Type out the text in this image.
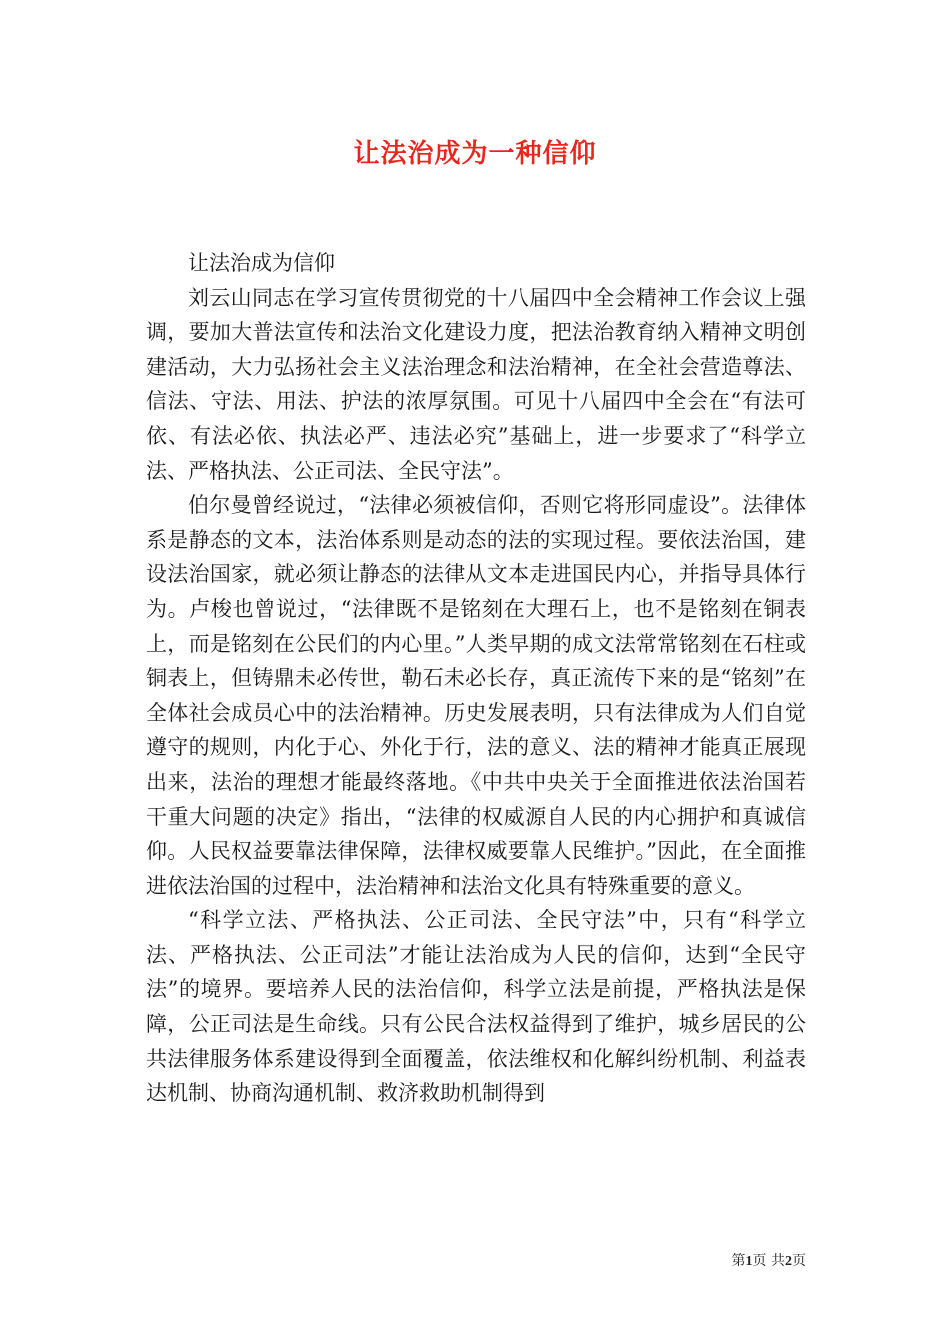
让法治成为一种信仰

让法治成为信仰

刘云山同志在学习宣传贯彻党的十八届四中全会精神工作会议上强调，要加大普法宣传和法治文化建设力度，把法治教育纳入精神文明创建活动，大力弘扬社会主义法治理念和法治精神，在全社会营造尊法、信法、守法、用法、护法的浓厚氛围。可见十八届四中全会在“有法可依、有法必依、执法必严、违法必究”基础上，进一步要求了“科学立法、严格执法、公正司法、全民守法”。

伯尔曼曾经说过，“法律必须被信仰，否则它将形同虚设”。法律体系是静态的文本，法治体系则是动态的法的实现过程。要依法治国，建设法治国家，就必须让静态的法律从文本走进国民内心，并指导具体行为。卢梭也曾说过，“法律既不是铭刻在大理石上，也不是铭刻在铜表上，而是铭刻在公民们的内心里。”人类早期的成文法常常铭刻在石柱或铜表上，但铸鼎未必传世，勒石未必长存，真正流传下来的是“铭刻”在全体社会成员心中的法治精神。历史发展表明，只有法律成为人们自觉遵守的规则，内化于心、外化于行，法的意义、法的精神才能真正展现出来，法治的理想才能最终落地。《中共中央关于全面推进依法治国若干重大问题的决定》指出，“法律的权威源自人民的内心拥护和真诚信仰。人民权益要靠法律保障，法律权威要靠人民维护。”因此，在全面推进依法治国的过程中，法治精神和法治文化具有特殊重要的意义。

“科学立法、严格执法、公正司法、全民守法”中，只有“科学立法、严格执法、公正司法”才能让法治成为人民的信仰，达到“全民守法”的境界。要培养人民的法治信仰，科学立法是前提，严格执法是保障，公正司法是生命线。只有公民合法权益得到了维护，城乡居民的公共法律服务体系建设得到全面覆盖，依法维权和化解纠纷机制、利益表达机制、协商沟通机制、救济救助机制得到

第1页 共2页
